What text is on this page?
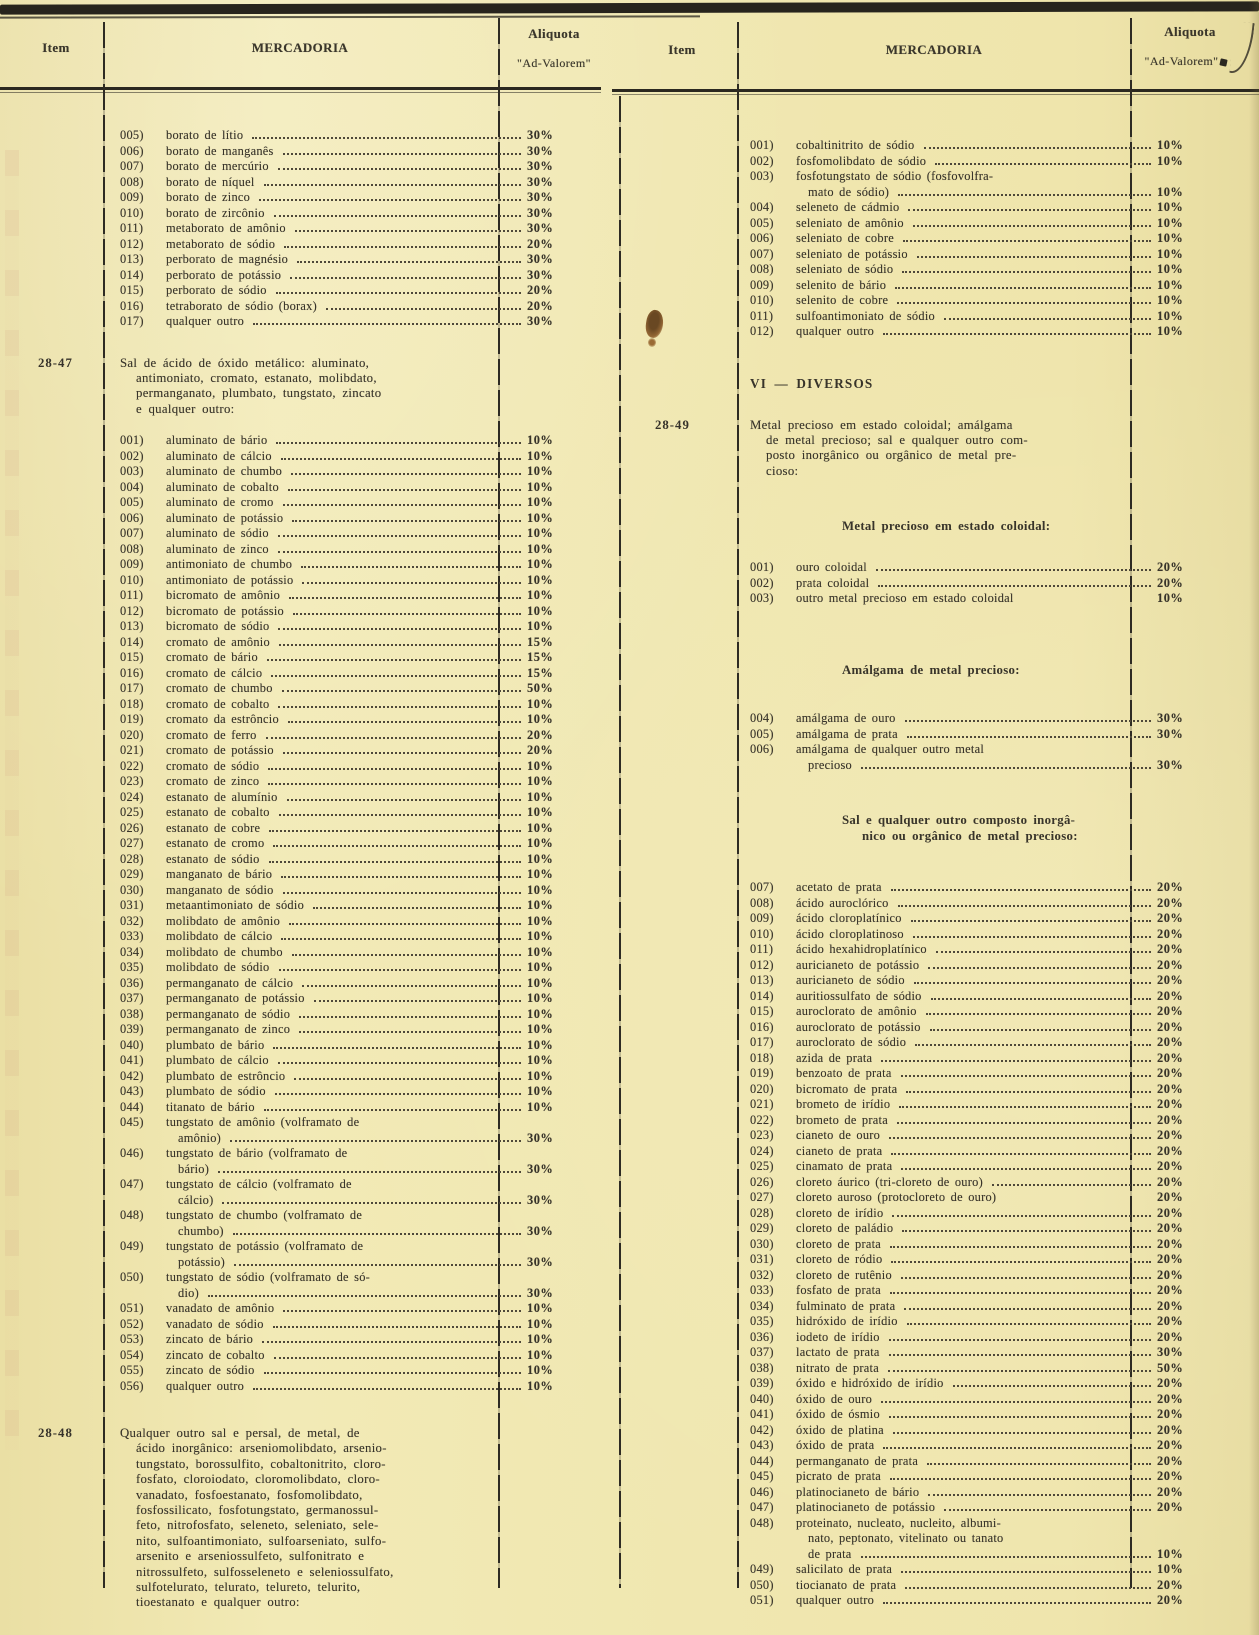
Item	MERCADORIA
Aliquota
"Ad-Valorem"
Item	MERCADORIA
Aliquota
"Ad-Valorem"
005)	borato de lítio	30%
006)	borato de manganês	30%
007)	borato de mercúrio	30%
008)	borato de níquel	30%
009)	borato de zinco	30%
010)	borato de zircônio	30%
011)	metaborato de amônio	30%
012)	metaborato de sódio	20%
013)	perborato de magnésio	30%
014)	perborato de potássio	30%
015)	perborato de sódio	20%
016)	tetraborato de sódio (borax)	20%
017)	qualquer outro	30%
28-47	Sal de ácido de óxido metálico: aluminato,
antimoniato, cromato, estanato, molibdato,
permanganato, plumbato, tungstato, zincato
e qualquer outro:
001)	aluminato de bário	10%
002)	aluminato de cálcio	10%
003)	aluminato de chumbo	10%
004)	aluminato de cobalto	10%
005)	aluminato de cromo	10%
006)	aluminato de potássio	10%
007)	aluminato de sódio	10%
008)	aluminato de zinco	10%
009)	antimoniato de chumbo	10%
010)	antimoniato de potássio	10%
011)	bicromato de amônio	10%
012)	bicromato de potássio	10%
013)	bicromato de sódio	10%
014)	cromato de amônio	15%
015)	cromato de bário	15%
016)	cromato de cálcio	15%
017)	cromato de chumbo	50%
018)	cromato de cobalto	10%
019)	cromato da estrôncio	10%
020)	cromato de ferro	20%
021)	cromato de potássio	20%
022)	cromato de sódio	10%
023)	cromato de zinco	10%
024)	estanato de alumínio	10%
025)	estanato de cobalto	10%
026)	estanato de cobre	10%
027)	estanato de cromo	10%
028)	estanato de sódio	10%
029)	manganato de bário	10%
030)	manganato de sódio	10%
031)	metaantimoniato de sódio	10%
032)	molibdato de amônio	10%
033)	molibdato de cálcio	10%
034)	molibdato de chumbo	10%
035)	molibdato de sódio	10%
036)	permanganato de cálcio	10%
037)	permanganato de potássio	10%
038)	permanganato de sódio	10%
039)	permanganato de zinco	10%
040)	plumbato de bário	10%
041)	plumbato de cálcio	10%
042)	plumbato de estrôncio	10%
043)	plumbato de sódio	10%
044)	titanato de bário	10%
045)	tungstato de amônio (volframato de
amônio)	30%
046)	tungstato de bário (volframato de
bário)	30%
047)	tungstato de cálcio (volframato de
cálcio)	30%
048)	tungstato de chumbo (volframato de
chumbo)	30%
049)	tungstato de potássio (volframato de
potássio)	30%
050)	tungstato de sódio (volframato de só-
dio)	30%
051)	vanadato de amônio	10%
052)	vanadato de sódio	10%
053)	zincato de bário	10%
054)	zincato de cobalto	10%
055)	zincato de sódio	10%
056)	qualquer outro	10%
28-48	Qualquer outro sal e persal, de metal, de
ácido inorgânico: arseniomolibdato, arsenio-
tungstato, borossulfito, cobaltonitrito, cloro-
fosfato, cloroiodato, cloromolibdato, cloro-
vanadato, fosfoestanato, fosfomolibdato,
fosfossilicato, fosfotungstato, germanossul-
feto, nitrofosfato, seleneto, seleniato, sele-
nito, sulfoantimoniato, sulfoarseniato, sulfo-
arsenito e arseniossulfeto, sulfonitrato e
nitrossulfeto, sulfosseleneto e seleniossulfato,
sulfotelurato, telurato, telureto, telurito,
tioestanato e qualquer outro:
001)	cobaltinitrito de sódio	10%
002)	fosfomolibdato de sódio	10%
003)	fosfotungstato de sódio (fosfovolfra-
mato de sódio)	10%
004)	seleneto de cádmio	10%
005)	seleniato de amônio	10%
006)	seleniato de cobre	10%
007)	seleniato de potássio	10%
008)	seleniato de sódio	10%
009)	selenito de bário	10%
010)	selenito de cobre	10%
011)	sulfoantimoniato de sódio	10%
012)	qualquer outro	10%
VI — DIVERSOS
28-49	Metal precioso em estado coloidal; amálgama
de metal precioso; sal e qualquer outro com-
posto inorgânico ou orgânico de metal pre-
cioso:
Metal precioso em estado coloidal:
001)	ouro coloidal	20%
002)	prata coloidal	20%
003)	outro metal precioso em estado coloidal	10%
Amálgama de metal precioso:
004)	amálgama de ouro	30%
005)	amálgama de prata	30%
006)	amálgama de qualquer outro metal
precioso	30%
Sal e qualquer outro composto inorgâ-
nico ou orgânico de metal precioso:
007)	acetato de prata	20%
008)	ácido auroclórico	20%
009)	ácido cloroplatínico	20%
010)	ácido cloroplatinoso	20%
011)	ácido hexahidroplatínico	20%
012)	auricianeto de potássio	20%
013)	auricianeto de sódio	20%
014)	auritiossulfato de sódio	20%
015)	auroclorato de amônio	20%
016)	auroclorato de potássio	20%
017)	auroclorato de sódio	20%
018)	azida de prata	20%
019)	benzoato de prata	20%
020)	bicromato de prata	20%
021)	brometo de irídio	20%
022)	brometo de prata	20%
023)	cianeto de ouro	20%
024)	cianeto de prata	20%
025)	cinamato de prata	20%
026)	cloreto áurico (tri-cloreto de ouro)	20%
027)	cloreto auroso (protocloreto de ouro)	20%
028)	cloreto de irídio	20%
029)	cloreto de paládio	20%
030)	cloreto de prata	20%
031)	cloreto de ródio	20%
032)	cloreto de rutênio	20%
033)	fosfato de prata	20%
034)	fulminato de prata	20%
035)	hidróxido de irídio	20%
036)	iodeto de irídio	20%
037)	lactato de prata	30%
038)	nitrato de prata	50%
039)	óxido e hidróxido de irídio	20%
040)	óxido de ouro	20%
041)	óxido de ósmio	20%
042)	óxido de platina	20%
043)	óxido de prata	20%
044)	permanganato de prata	20%
045)	picrato de prata	20%
046)	platinocianeto de bário	20%
047)	platinocianeto de potássio	20%
048)	proteinato, nucleato, nucleito, albumi-
nato, peptonato, vitelinato ou tanato
de prata	10%
049)	salicilato de prata	10%
050)	tiocianato de prata	20%
051)	qualquer outro	20%
